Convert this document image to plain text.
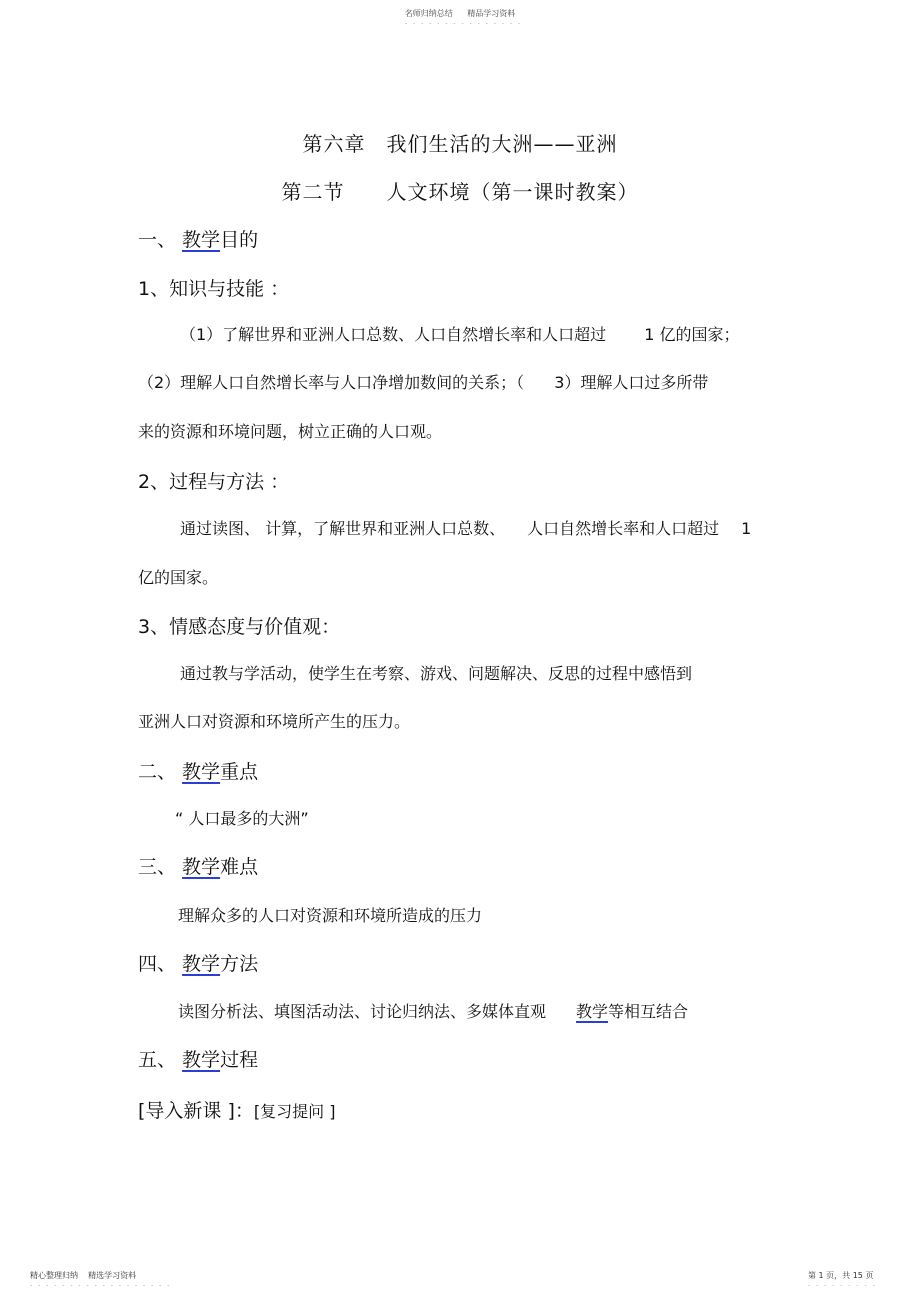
名师归纳总结 精品学习资料
- - - - - - - - - - - - - - -
第六章　我们生活的大洲——亚洲
第二节　　人文环境（第一课时教案）
一、 教学目的
1、知识与技能 ：
（1）了解世界和亚洲人口总数、人口自然增长率和人口超过 1 亿的国家；
（2）理解人口自然增长率与人口净增加数间的关系；（ 3）理解人口过多所带
来的资源和环境问题，树立正确的人口观。
2、过程与方法 ：
通过读图、 计算，了解世界和亚洲人口总数、 人口自然增长率和人口超过 1
亿的国家。
3、情感态度与价值观：
通过教与学活动，使学生在考察、游戏、问题解决、反思的过程中感悟到
亚洲人口对资源和环境所产生的压力。
二、 教学重点
“ 人口最多的大洲”
三、 教学难点
理解众多的人口对资源和环境所造成的压力
四、 教学方法
读图分析法、填图活动法、讨论归纳法、多媒体直观 教学等相互结合
五、 教学过程
[导入新课 ]：[复习提问 ]
精心整理归纳 精选学习资料
- - - - - - - - - - - - - - - - - -
第 1 页，共 15 页
- - - - - - - - -
